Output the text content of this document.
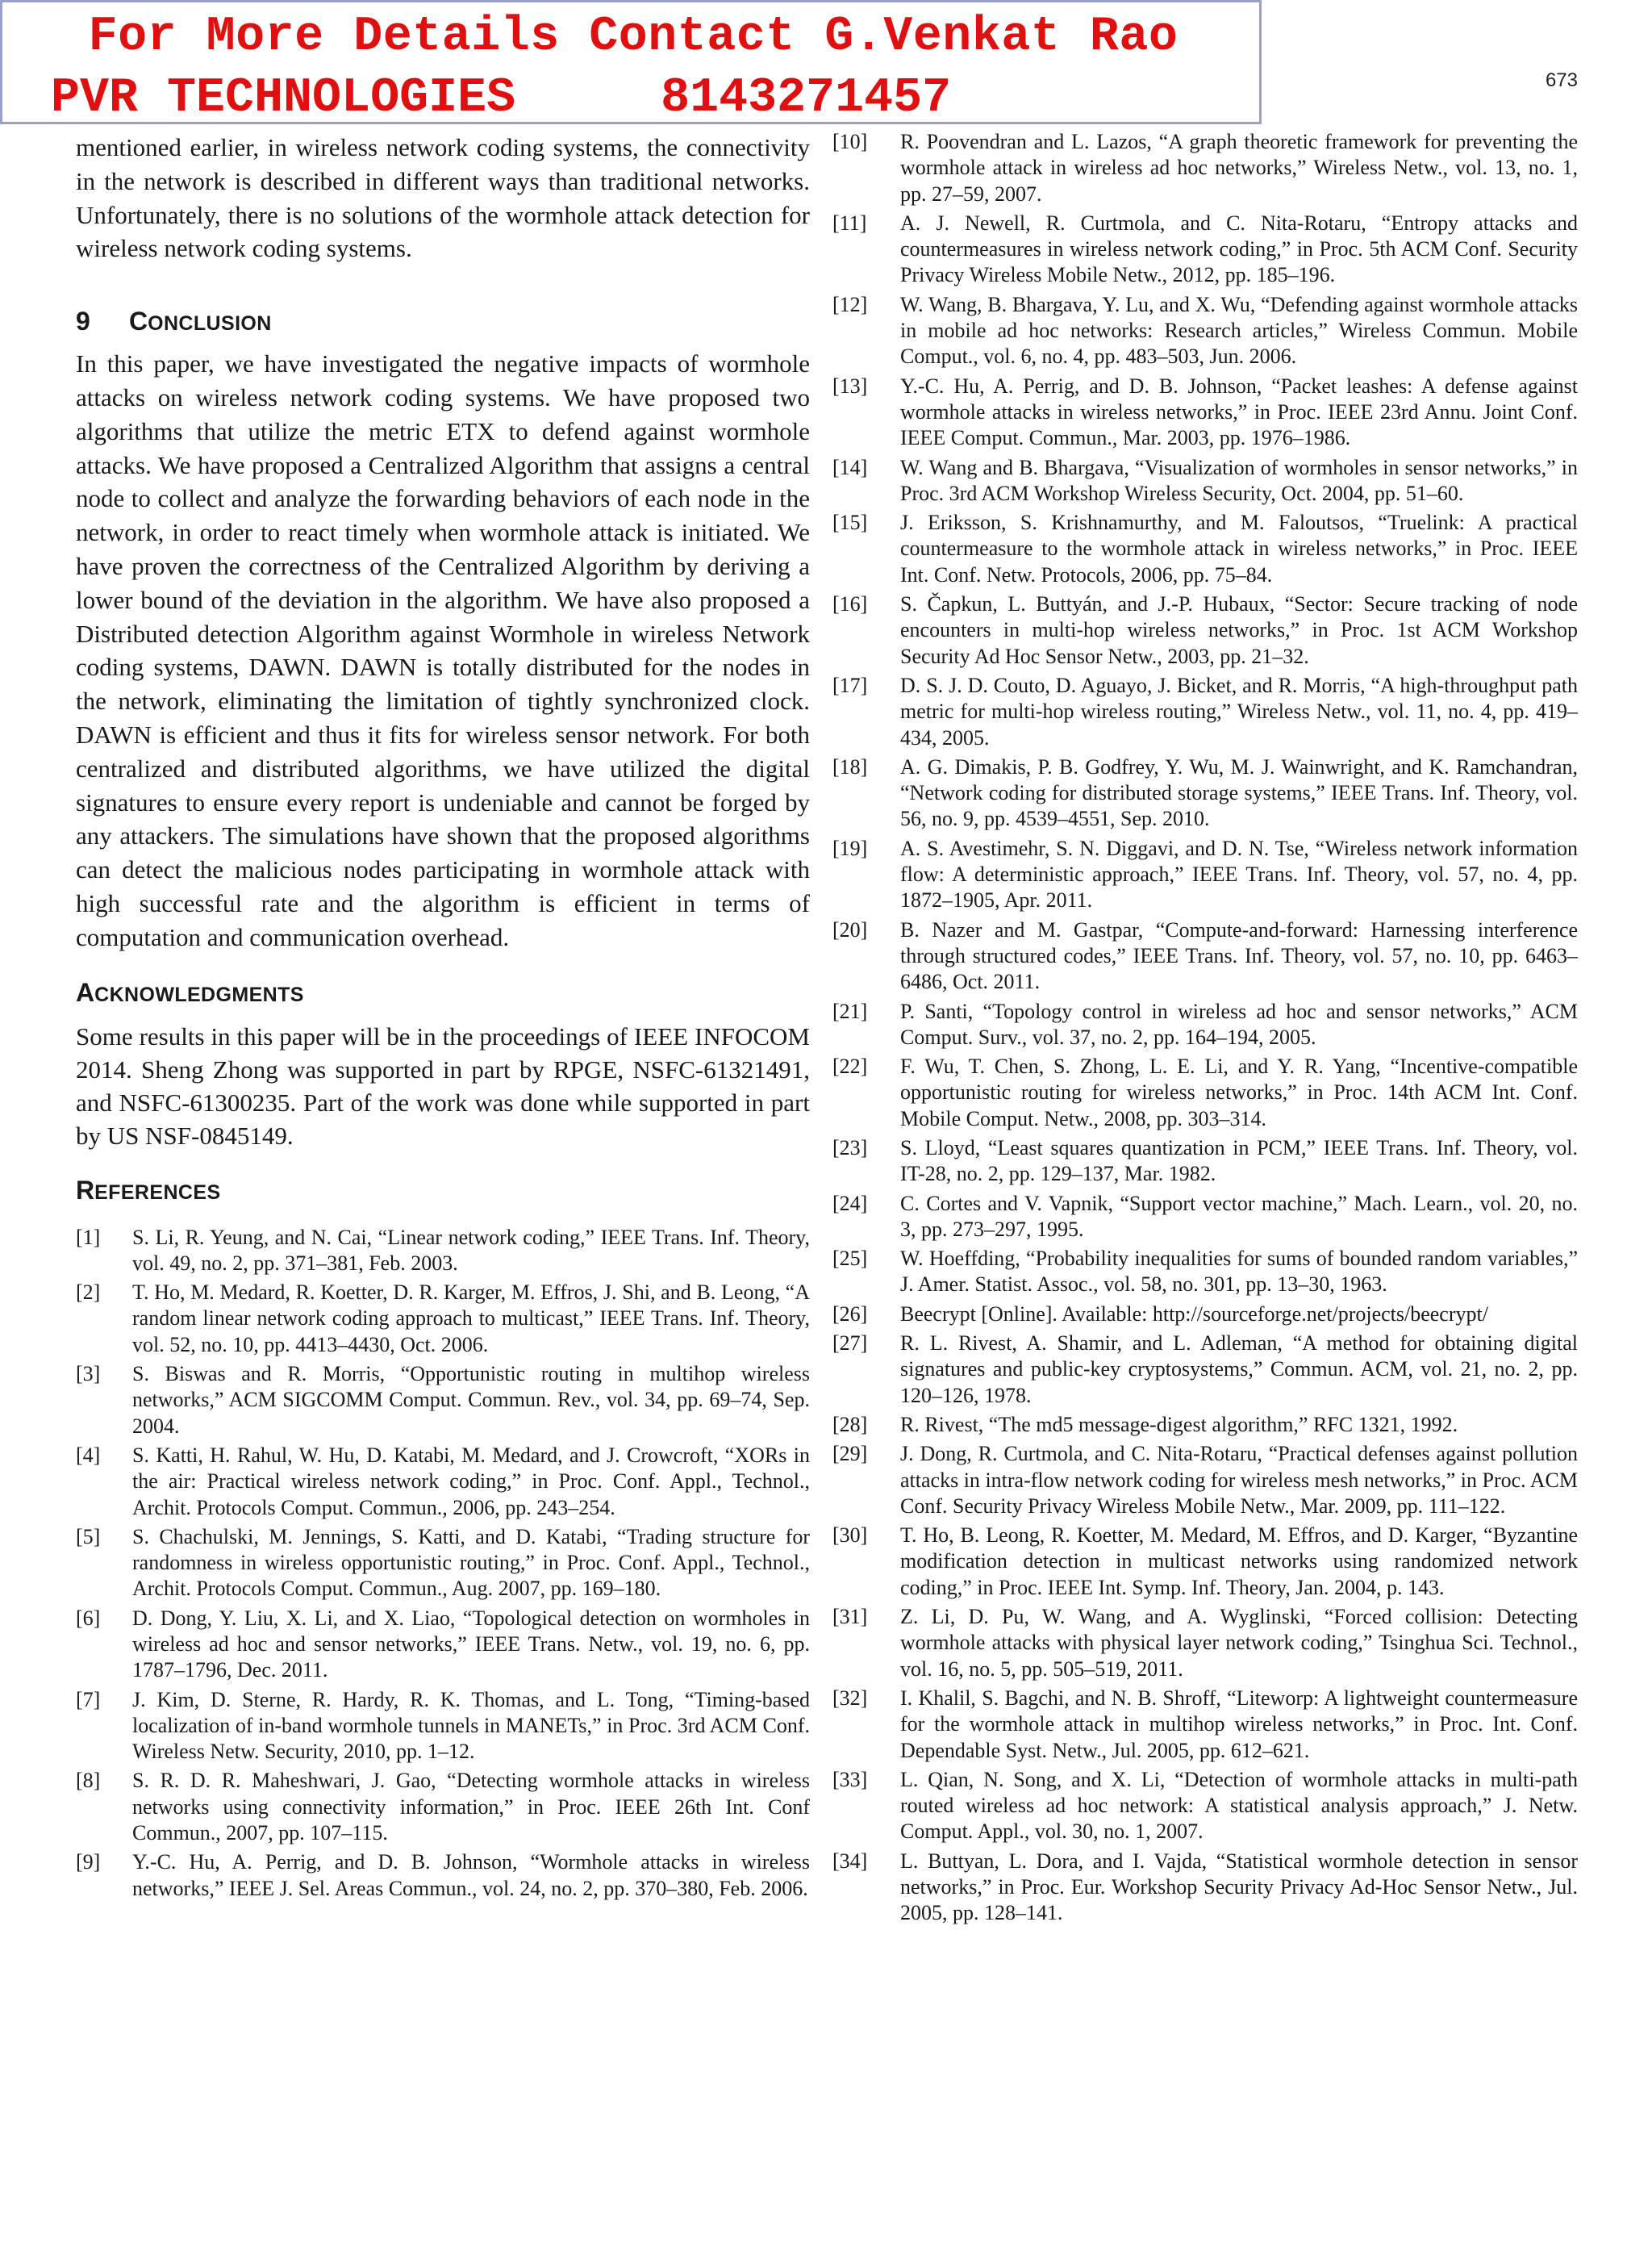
For More Details Contact G.Venkat Rao
PVR TECHNOLOGIES	8143271457	673

mentioned earlier, in wireless network coding systems, the connectivity in the network is described in different ways than traditional networks. Unfortunately, there is no solutions of the wormhole attack detection for wireless network coding systems.

9 CONCLUSION

In this paper, we have investigated the negative impacts of wormhole attacks on wireless network coding systems. We have proposed two algorithms that utilize the metric ETX to defend against wormhole attacks. We have proposed a Centralized Algorithm that assigns a central node to collect and analyze the forwarding behaviors of each node in the network, in order to react timely when wormhole attack is initiated. We have proven the correctness of the Centralized Algorithm by deriving a lower bound of the deviation in the algorithm. We have also proposed a Distributed detection Algorithm against Wormhole in wireless Network coding systems, DAWN. DAWN is totally distributed for the nodes in the network, eliminating the limitation of tightly synchronized clock. DAWN is efficient and thus it fits for wireless sensor network. For both centralized and distributed algorithms, we have utilized the digital signatures to ensure every report is undeniable and cannot be forged by any attackers. The simulations have shown that the proposed algorithms can detect the malicious nodes participating in wormhole attack with high successful rate and the algorithm is efficient in terms of computation and communication overhead.

ACKNOWLEDGMENTS

Some results in this paper will be in the proceedings of IEEE INFOCOM 2014. Sheng Zhong was supported in part by RPGE, NSFC-61321491, and NSFC-61300235. Part of the work was done while supported in part by US NSF-0845149.

REFERENCES
[1] S. Li, R. Yeung, and N. Cai, “Linear network coding,” IEEE Trans. Inf. Theory, vol. 49, no. 2, pp. 371–381, Feb. 2003.
[2] T. Ho, M. Medard, R. Koetter, D. R. Karger, M. Effros, J. Shi, and B. Leong, “A random linear network coding approach to multicast,” IEEE Trans. Inf. Theory, vol. 52, no. 10, pp. 4413–4430, Oct. 2006.
[3] S. Biswas and R. Morris, “Opportunistic routing in multihop wireless networks,” ACM SIGCOMM Comput. Commun. Rev., vol. 34, pp. 69–74, Sep. 2004.
[4] S. Katti, H. Rahul, W. Hu, D. Katabi, M. Medard, and J. Crowcroft, “XORs in the air: Practical wireless network coding,” in Proc. Conf. Appl., Technol., Archit. Protocols Comput. Commun., 2006, pp. 243–254.
[5] S. Chachulski, M. Jennings, S. Katti, and D. Katabi, “Trading structure for randomness in wireless opportunistic routing,” in Proc. Conf. Appl., Technol., Archit. Protocols Comput. Commun., Aug. 2007, pp. 169–180.
[6] D. Dong, Y. Liu, X. Li, and X. Liao, “Topological detection on wormholes in wireless ad hoc and sensor networks,” IEEE Trans. Netw., vol. 19, no. 6, pp. 1787–1796, Dec. 2011.
[7] J. Kim, D. Sterne, R. Hardy, R. K. Thomas, and L. Tong, “Timing-based localization of in-band wormhole tunnels in MANETs,” in Proc. 3rd ACM Conf. Wireless Netw. Security, 2010, pp. 1–12.
[8] S. R. D. R. Maheshwari, J. Gao, “Detecting wormhole attacks in wireless networks using connectivity information,” in Proc. IEEE 26th Int. Conf Commun., 2007, pp. 107–115.
[9] Y.-C. Hu, A. Perrig, and D. B. Johnson, “Wormhole attacks in wireless networks,” IEEE J. Sel. Areas Commun., vol. 24, no. 2, pp. 370–380, Feb. 2006.
[10] R. Poovendran and L. Lazos, “A graph theoretic framework for preventing the wormhole attack in wireless ad hoc networks,” Wireless Netw., vol. 13, no. 1, pp. 27–59, 2007.
[11] A. J. Newell, R. Curtmola, and C. Nita-Rotaru, “Entropy attacks and countermeasures in wireless network coding,” in Proc. 5th ACM Conf. Security Privacy Wireless Mobile Netw., 2012, pp. 185–196.
[12] W. Wang, B. Bhargava, Y. Lu, and X. Wu, “Defending against wormhole attacks in mobile ad hoc networks: Research articles,” Wireless Commun. Mobile Comput., vol. 6, no. 4, pp. 483–503, Jun. 2006.
[13] Y.-C. Hu, A. Perrig, and D. B. Johnson, “Packet leashes: A defense against wormhole attacks in wireless networks,” in Proc. IEEE 23rd Annu. Joint Conf. IEEE Comput. Commun., Mar. 2003, pp. 1976–1986.
[14] W. Wang and B. Bhargava, “Visualization of wormholes in sensor networks,” in Proc. 3rd ACM Workshop Wireless Security, Oct. 2004, pp. 51–60.
[15] J. Eriksson, S. Krishnamurthy, and M. Faloutsos, “Truelink: A practical countermeasure to the wormhole attack in wireless networks,” in Proc. IEEE Int. Conf. Netw. Protocols, 2006, pp. 75–84.
[16] S. Čapkun, L. Buttyán, and J.-P. Hubaux, “Sector: Secure tracking of node encounters in multi-hop wireless networks,” in Proc. 1st ACM Workshop Security Ad Hoc Sensor Netw., 2003, pp. 21–32.
[17] D. S. J. D. Couto, D. Aguayo, J. Bicket, and R. Morris, “A high-throughput path metric for multi-hop wireless routing,” Wireless Netw., vol. 11, no. 4, pp. 419–434, 2005.
[18] A. G. Dimakis, P. B. Godfrey, Y. Wu, M. J. Wainwright, and K. Ramchandran, “Network coding for distributed storage systems,” IEEE Trans. Inf. Theory, vol. 56, no. 9, pp. 4539–4551, Sep. 2010.
[19] A. S. Avestimehr, S. N. Diggavi, and D. N. Tse, “Wireless network information flow: A deterministic approach,” IEEE Trans. Inf. Theory, vol. 57, no. 4, pp. 1872–1905, Apr. 2011.
[20] B. Nazer and M. Gastpar, “Compute-and-forward: Harnessing interference through structured codes,” IEEE Trans. Inf. Theory, vol. 57, no. 10, pp. 6463–6486, Oct. 2011.
[21] P. Santi, “Topology control in wireless ad hoc and sensor networks,” ACM Comput. Surv., vol. 37, no. 2, pp. 164–194, 2005.
[22] F. Wu, T. Chen, S. Zhong, L. E. Li, and Y. R. Yang, “Incentive-compatible opportunistic routing for wireless networks,” in Proc. 14th ACM Int. Conf. Mobile Comput. Netw., 2008, pp. 303–314.
[23] S. Lloyd, “Least squares quantization in PCM,” IEEE Trans. Inf. Theory, vol. IT-28, no. 2, pp. 129–137, Mar. 1982.
[24] C. Cortes and V. Vapnik, “Support vector machine,” Mach. Learn., vol. 20, no. 3, pp. 273–297, 1995.
[25] W. Hoeffding, “Probability inequalities for sums of bounded random variables,” J. Amer. Statist. Assoc., vol. 58, no. 301, pp. 13–30, 1963.
[26] Beecrypt [Online]. Available: http://sourceforge.net/projects/beecrypt/
[27] R. L. Rivest, A. Shamir, and L. Adleman, “A method for obtaining digital signatures and public-key cryptosystems,” Commun. ACM, vol. 21, no. 2, pp. 120–126, 1978.
[28] R. Rivest, “The md5 message-digest algorithm,” RFC 1321, 1992.
[29] J. Dong, R. Curtmola, and C. Nita-Rotaru, “Practical defenses against pollution attacks in intra-flow network coding for wireless mesh networks,” in Proc. ACM Conf. Security Privacy Wireless Mobile Netw., Mar. 2009, pp. 111–122.
[30] T. Ho, B. Leong, R. Koetter, M. Medard, M. Effros, and D. Karger, “Byzantine modification detection in multicast networks using randomized network coding,” in Proc. IEEE Int. Symp. Inf. Theory, Jan. 2004, p. 143.
[31] Z. Li, D. Pu, W. Wang, and A. Wyglinski, “Forced collision: Detecting wormhole attacks with physical layer network coding,” Tsinghua Sci. Technol., vol. 16, no. 5, pp. 505–519, 2011.
[32] I. Khalil, S. Bagchi, and N. B. Shroff, “Liteworp: A lightweight countermeasure for the wormhole attack in multihop wireless networks,” in Proc. Int. Conf. Dependable Syst. Netw., Jul. 2005, pp. 612–621.
[33] L. Qian, N. Song, and X. Li, “Detection of wormhole attacks in multi-path routed wireless ad hoc network: A statistical analysis approach,” J. Netw. Comput. Appl., vol. 30, no. 1, 2007.
[34] L. Buttyan, L. Dora, and I. Vajda, “Statistical wormhole detection in sensor networks,” in Proc. Eur. Workshop Security Privacy Ad-Hoc Sensor Netw., Jul. 2005, pp. 128–141.
